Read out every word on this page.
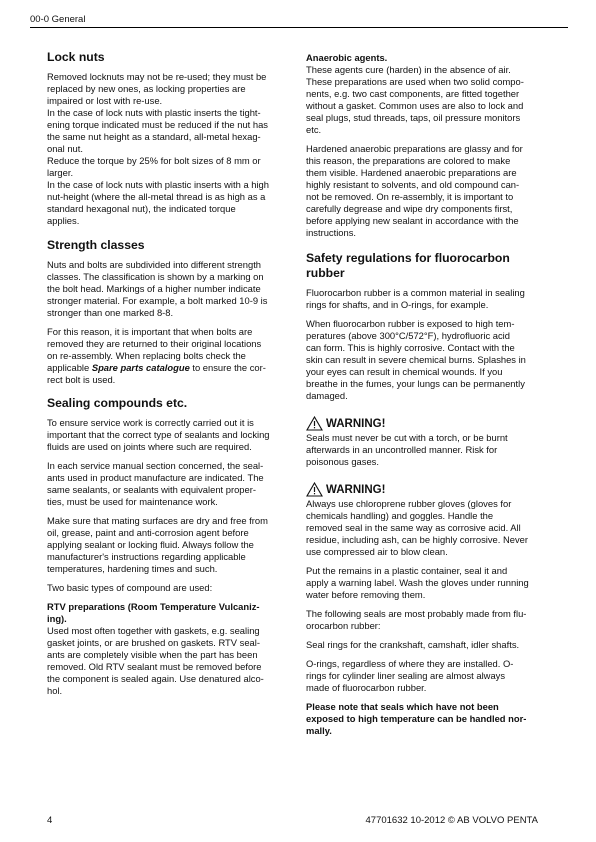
00-0 General
Lock nuts

Removed locknuts may not be re-used; they must be
replaced by new ones, as locking properties are
impaired or lost with re-use.
In the case of lock nuts with plastic inserts the tight-
ening torque indicated must be reduced if the nut has
the same nut height as a standard, all-metal hexag-
onal nut.
Reduce the torque by 25% for bolt sizes of 8 mm or
larger.
In the case of lock nuts with plastic inserts with a high
nut-height (where the all-metal thread is as high as a
standard hexagonal nut), the indicated torque
applies.

Strength classes

Nuts and bolts are subdivided into different strength
classes. The classification is shown by a marking on
the bolt head. Markings of a higher number indicate
stronger material. For example, a bolt marked 10-9 is
stronger than one marked 8-8.

For this reason, it is important that when bolts are
removed they are returned to their original locations
on re-assembly. When replacing bolts check the
applicable Spare parts catalogue to ensure the cor-
rect bolt is used.

Sealing compounds etc.

To ensure service work is correctly carried out it is
important that the correct type of sealants and locking
fluids are used on joints where such are required.

In each service manual section concerned, the seal-
ants used in product manufacture are indicated. The
same sealants, or sealants with equivalent proper-
ties, must be used for maintenance work.

Make sure that mating surfaces are dry and free from
oil, grease, paint and anti-corrosion agent before
applying sealant or locking fluid. Always follow the
manufacturer's instructions regarding applicable
temperatures, hardening times and such.

Two basic types of compound are used:

RTV preparations (Room Temperature Vulcaniz-
ing).
Used most often together with gaskets, e.g. sealing
gasket joints, or are brushed on gaskets. RTV seal-
ants are completely visible when the part has been
removed. Old RTV sealant must be removed before
the component is sealed again. Use denatured alco-
hol.

Anaerobic agents.
These agents cure (harden) in the absence of air.
These preparations are used when two solid compo-
nents, e.g. two cast components, are fitted together
without a gasket. Common uses are also to lock and
seal plugs, stud threads, taps, oil pressure monitors
etc.

Hardened anaerobic preparations are glassy and for
this reason, the preparations are colored to make
them visible. Hardened anaerobic preparations are
highly resistant to solvents, and old compound can-
not be removed. On re-assembly, it is important to
carefully degrease and wipe dry components first,
before applying new sealant in accordance with the
instructions.

Safety regulations for fluorocarbon
rubber

Fluorocarbon rubber is a common material in sealing
rings for shafts, and in O-rings, for example.

When fluorocarbon rubber is exposed to high tem-
peratures (above 300°C/572°F), hydrofluoric acid
can form. This is highly corrosive. Contact with the
skin can result in severe chemical burns. Splashes in
your eyes can result in chemical wounds. If you
breathe in the fumes, your lungs can be permanently
damaged.

WARNING!

Seals must never be cut with a torch, or be burnt
afterwards in an uncontrolled manner. Risk for
poisonous gases.

WARNING!

Always use chloroprene rubber gloves (gloves for
chemicals handling) and goggles. Handle the
removed seal in the same way as corrosive acid. All
residue, including ash, can be highly corrosive. Never
use compressed air to blow clean.

Put the remains in a plastic container, seal it and
apply a warning label. Wash the gloves under running
water before removing them.

The following seals are most probably made from flu-
orocarbon rubber:

Seal rings for the crankshaft, camshaft, idler shafts.

O-rings, regardless of where they are installed. O-
rings for cylinder liner sealing are almost always
made of fluorocarbon rubber.

Please note that seals which have not been
exposed to high temperature can be handled nor-
mally.

4	47701632 10-2012 © AB VOLVO PENTA
